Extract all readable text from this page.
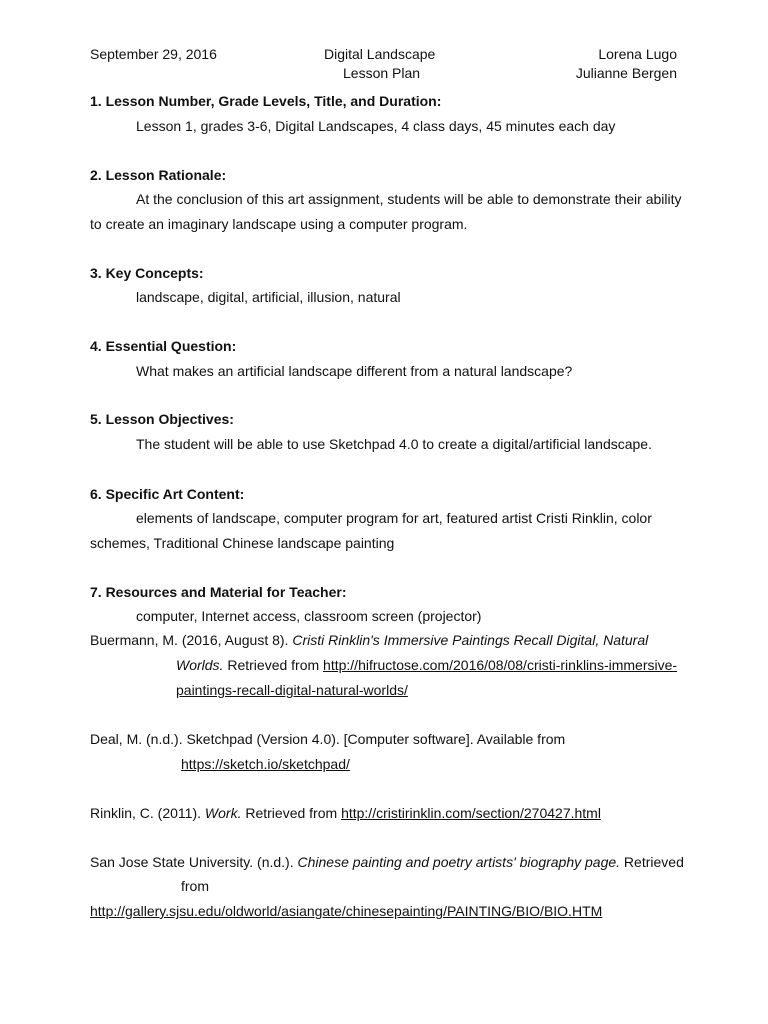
September 29, 2016	Digital Landscape
Lesson Plan
Lorena Lugo
Julianne Bergen
1. Lesson Number, Grade Levels, Title, and Duration:
Lesson 1, grades 3-6, Digital Landscapes, 4 class days, 45 minutes each day
2. Lesson Rationale:
At the conclusion of this art assignment, students will be able to demonstrate their ability
to create an imaginary landscape using a computer program.
3. Key Concepts:
landscape, digital, artificial, illusion, natural
4. Essential Question:
What makes an artificial landscape different from a natural landscape?
5. Lesson Objectives:
The student will be able to use Sketchpad 4.0 to create a digital/artificial landscape.
6. Specific Art Content:
elements of landscape, computer program for art, featured artist Cristi Rinklin, color
schemes, Traditional Chinese landscape painting
7. Resources and Material for Teacher:
computer, Internet access, classroom screen (projector)
Buermann, M. (2016, August 8). Cristi Rinklin's Immersive Paintings Recall Digital, Natural
Worlds. Retrieved from http://hifructose.com/2016/08/08/cristi-rinklins-immersive-
paintings-recall-digital-natural-worlds/
Deal, M. (n.d.). Sketchpad (Version 4.0). [Computer software]. Available from
https://sketch.io/sketchpad/
Rinklin, C. (2011). Work. Retrieved from http://cristirinklin.com/section/270427.html
San Jose State University. (n.d.). Chinese painting and poetry artists' biography page. Retrieved
from
http://gallery.sjsu.edu/oldworld/asiangate/chinesepainting/PAINTING/BIO/BIO.HTM
